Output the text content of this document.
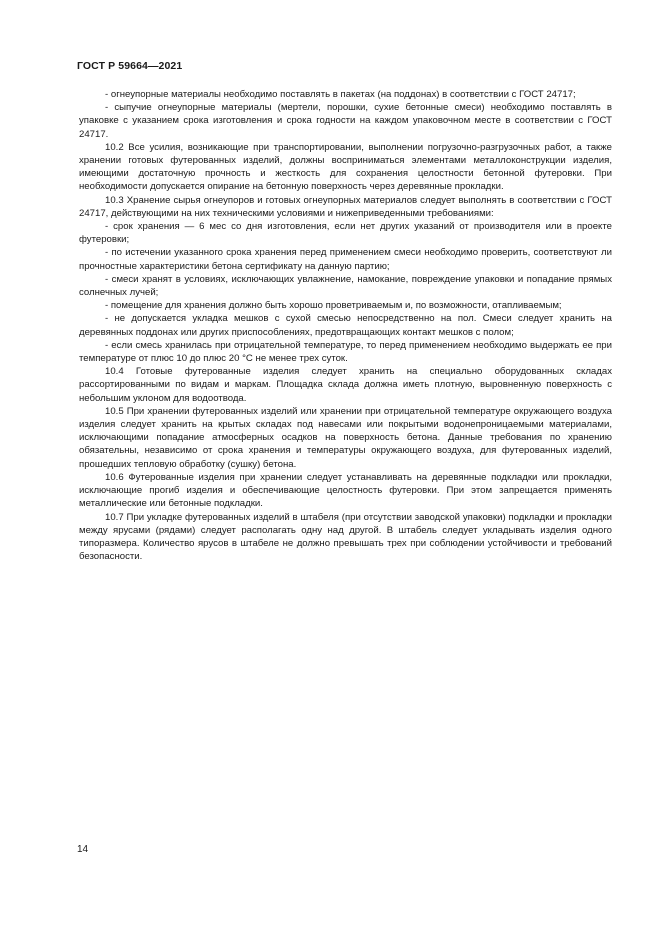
ГОСТ Р 59664—2021

- огнеупорные материалы необходимо поставлять в пакетах (на поддонах) в соответствии с ГОСТ 24717;

- сыпучие огнеупорные материалы (мертели, порошки, сухие бетонные смеси) необходимо поставлять в упаковке с указанием срока изготовления и срока годности на каждом упаковочном месте в соответствии с ГОСТ 24717.

10.2 Все усилия, возникающие при транспортировании, выполнении погрузочно-разгрузочных работ, а также хранении готовых футерованных изделий, должны восприниматься элементами металлоконструкции изделия, имеющими достаточную прочность и жесткость для сохранения целостности бетонной футеровки. При необходимости допускается опирание на бетонную поверхность через деревянные прокладки.

10.3 Хранение сырья огнеупоров и готовых огнеупорных материалов следует выполнять в соответствии с ГОСТ 24717, действующими на них техническими условиями и нижеприведенными требованиями:

- срок хранения — 6 мес со дня изготовления, если нет других указаний от производителя или в проекте футеровки;

- по истечении указанного срока хранения перед применением смеси необходимо проверить, соответствуют ли прочностные характеристики бетона сертификату на данную партию;

- смеси хранят в условиях, исключающих увлажнение, намокание, повреждение упаковки и попадание прямых солнечных лучей;

- помещение для хранения должно быть хорошо проветриваемым и, по возможности, отапливаемым;

- не допускается укладка мешков с сухой смесью непосредственно на пол. Смеси следует хранить на деревянных поддонах или других приспособлениях, предотвращающих контакт мешков с полом;

- если смесь хранилась при отрицательной температуре, то перед применением необходимо выдержать ее при температуре от плюс 10 до плюс 20 °С не менее трех суток.

10.4 Готовые футерованные изделия следует хранить на специально оборудованных складах рассортированными по видам и маркам. Площадка склада должна иметь плотную, выровненную поверхность с небольшим уклоном для водоотвода.

10.5 При хранении футерованных изделий или хранении при отрицательной температуре окружающего воздуха изделия следует хранить на крытых складах под навесами или покрытыми водонепроницаемыми материалами, исключающими попадание атмосферных осадков на поверхность бетона. Данные требования по хранению обязательны, независимо от срока хранения и температуры окружающего воздуха, для футерованных изделий, прошедших тепловую обработку (сушку) бетона.

10.6 Футерованные изделия при хранении следует устанавливать на деревянные подкладки или прокладки, исключающие прогиб изделия и обеспечивающие целостность футеровки. При этом запрещается применять металлические или бетонные подкладки.

10.7 При укладке футерованных изделий в штабеля (при отсутствии заводской упаковки) подкладки и прокладки между ярусами (рядами) следует располагать одну над другой. В штабель следует укладывать изделия одного типоразмера. Количество ярусов в штабеле не должно превышать трех при соблюдении устойчивости и требований безопасности.

14
